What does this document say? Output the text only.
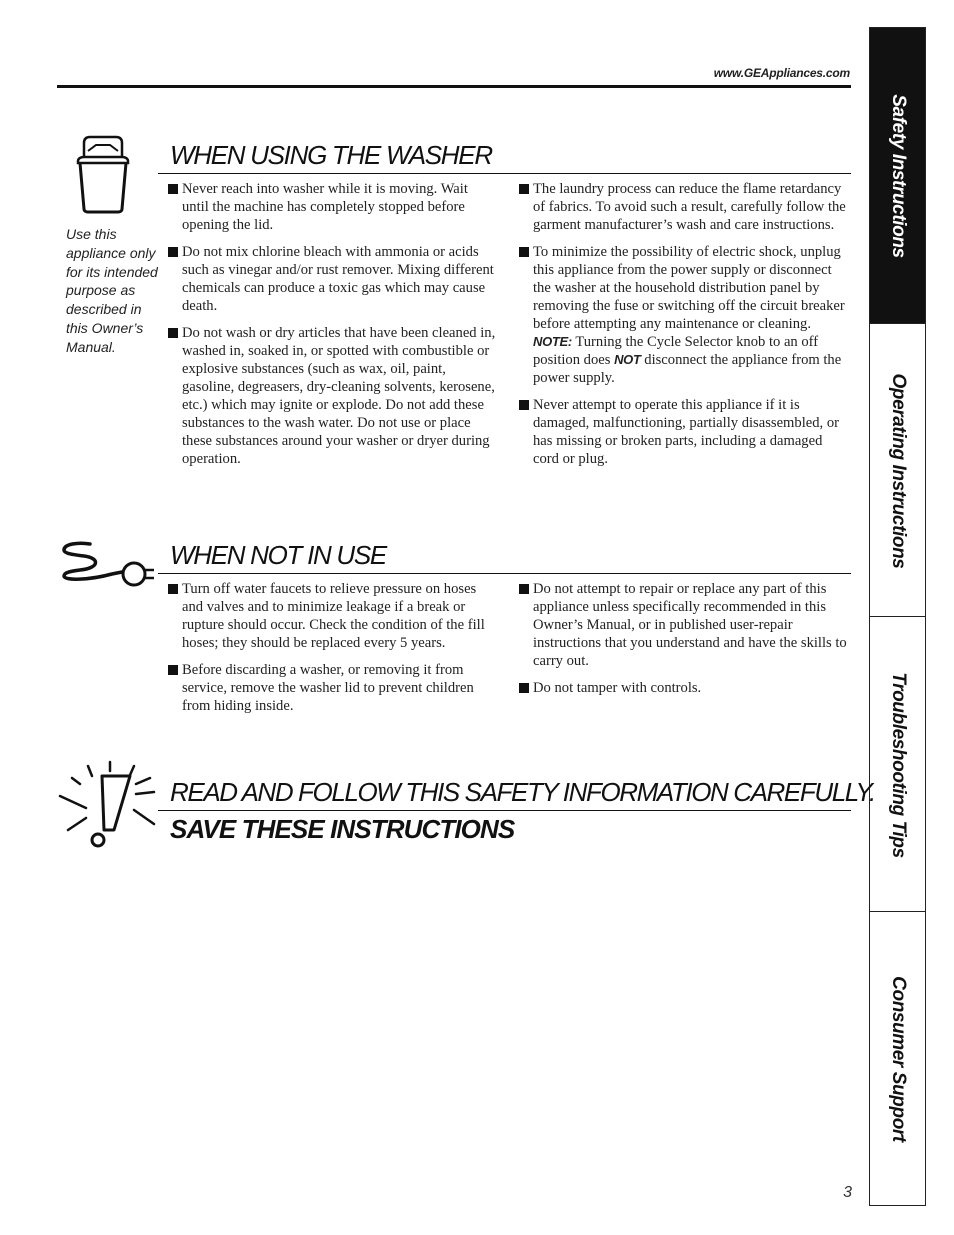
www.GEAppliances.com
Safety Instructions
Operating Instructions
Troubleshooting Tips
Consumer Support
WHEN USING THE WASHER
Use this appliance only for its intended purpose as described in this Owner’s Manual.

Never reach into washer while it is moving. Wait until the machine has completely stopped before opening the lid.

Do not mix chlorine bleach with ammonia or acids such as vinegar and/or rust remover. Mixing different chemicals can produce a toxic gas which may cause death.

Do not wash or dry articles that have been cleaned in, washed in, soaked in, or spotted with combustible or explosive substances (such as wax, oil, paint, gasoline, degreasers, dry-cleaning solvents, kerosene, etc.) which may ignite or explode. Do not add these substances to the wash water. Do not use or place these substances around your washer or dryer during operation.

The laundry process can reduce the flame retardancy of fabrics. To avoid such a result, carefully follow the garment manufacturer’s wash and care instructions.

To minimize the possibility of electric shock, unplug this appliance from the power supply or disconnect the washer at the household distribution panel by removing the fuse or switching off the circuit breaker before attempting any maintenance or cleaning. NOTE: Turning the Cycle Selector knob to an off position does NOT disconnect the appliance from the power supply.

Never attempt to operate this appliance if it is damaged, malfunctioning, partially disassembled, or has missing or broken parts, including a damaged cord or plug.

WHEN NOT IN USE

Turn off water faucets to relieve pressure on hoses and valves and to minimize leakage if a break or rupture should occur. Check the condition of the fill hoses; they should be replaced every 5 years.

Before discarding a washer, or removing it from service, remove the washer lid to prevent children from hiding inside.

Do not attempt to repair or replace any part of this appliance unless specifically recommended in this Owner’s Manual, or in published user-repair instructions that you understand and have the skills to carry out.

Do not tamper with controls.

READ AND FOLLOW THIS SAFETY INFORMATION CAREFULLY.
SAVE THESE INSTRUCTIONS
3
